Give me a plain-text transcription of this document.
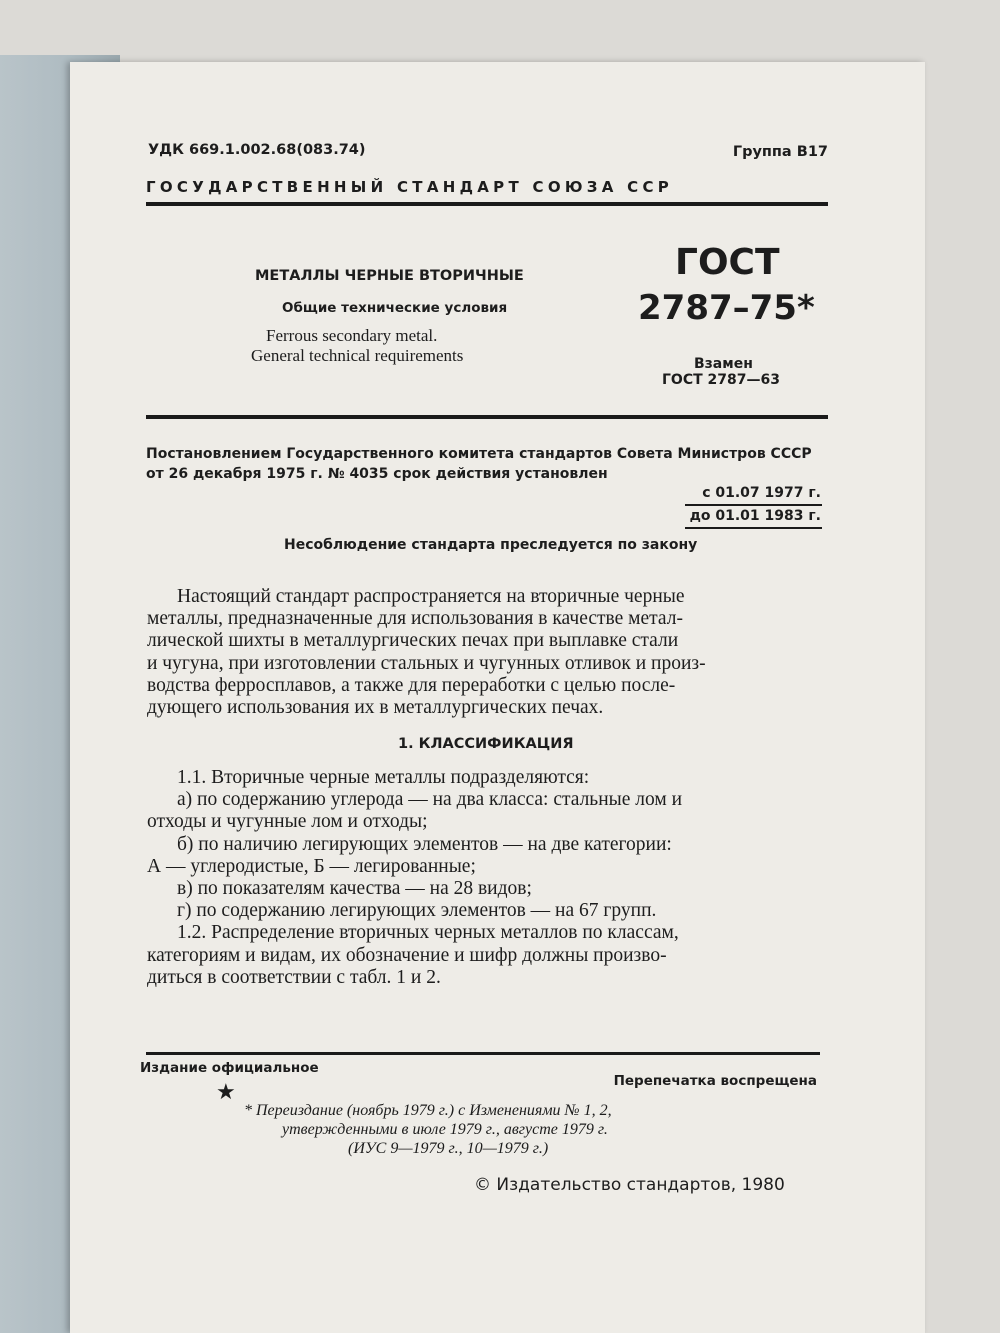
УДК 669.1.002.68(083.74)	Группа В17
ГОСУДАРСТВЕННЫЙ СТАНДАРТ СОЮЗА ССР
МЕТАЛЛЫ ЧЕРНЫЕ ВТОРИЧНЫЕ
Общие технические условия
Ferrous secondary metal.
General technical requirements
ГОСТ
2787–75*
Взамен
ГОСТ 2787—63
Постановлением Государственного комитета стандартов Совета Министров СССР
от 26 декабря 1975 г. № 4035 срок действия установлен
с 01.07 1977 г.
до 01.01 1983 г.
Несоблюдение стандарта преследуется по закону
Настоящий стандарт распространяется на вторичные черные
металлы, предназначенные для использования в качестве метал-
лической шихты в металлургических печах при выплавке стали
и чугуна, при изготовлении стальных и чугунных отливок и произ-
водства ферросплавов, а также для переработки с целью после-
дующего использования их в металлургических печах.
1. КЛАССИФИКАЦИЯ
1.1. Вторичные черные металлы подразделяются:
а) по содержанию углерода — на два класса: стальные лом и
отходы и чугунные лом и отходы;
б) по наличию легирующих элементов — на две категории:
А — углеродистые, Б — легированные;
в) по показателям качества — на 28 видов;
г) по содержанию легирующих элементов — на 67 групп.
1.2. Распределение вторичных черных металлов по классам,
категориям и видам, их обозначение и шифр должны произво-
диться в соответствии с табл. 1 и 2.
Издание официальное
Перепечатка воспрещена
★
* Переиздание (ноябрь 1979 г.) с Изменениями № 1, 2,
утвержденными в июле 1979 г., августе 1979 г.
(ИУС 9—1979 г., 10—1979 г.)
© Издательство стандартов, 1980
